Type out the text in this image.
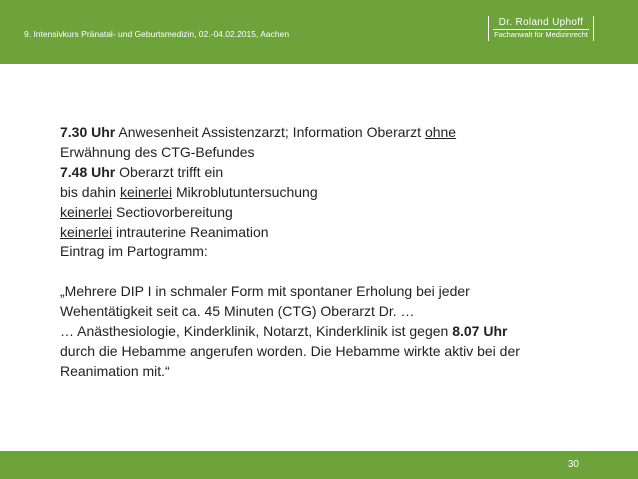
9. Intensivkurs Pränatal- und Geburtsmedizin, 02.-04.02.2015, Aachen
Dr. Roland Uphoff
Fachanwalt für Medizinrecht
7.30 Uhr Anwesenheit Assistenzarzt; Information Oberarzt ohne
Erwähnung des CTG-Befundes
7.48 Uhr Oberarzt trifft ein
bis dahin keinerlei Mikroblutuntersuchung
keinerlei Sectiovorbereitung
keinerlei intrauterine Reanimation
Eintrag im Partogramm:
„Mehrere DIP I in schmaler Form mit spontaner Erholung bei jeder
Wehentätigkeit seit ca. 45 Minuten (CTG) Oberarzt Dr. …
… Anästhesiologie, Kinderklinik, Notarzt, Kinderklinik ist gegen 8.07 Uhr
durch die Hebamme angerufen worden. Die Hebamme wirkte aktiv bei der
Reanimation mit.“
30
